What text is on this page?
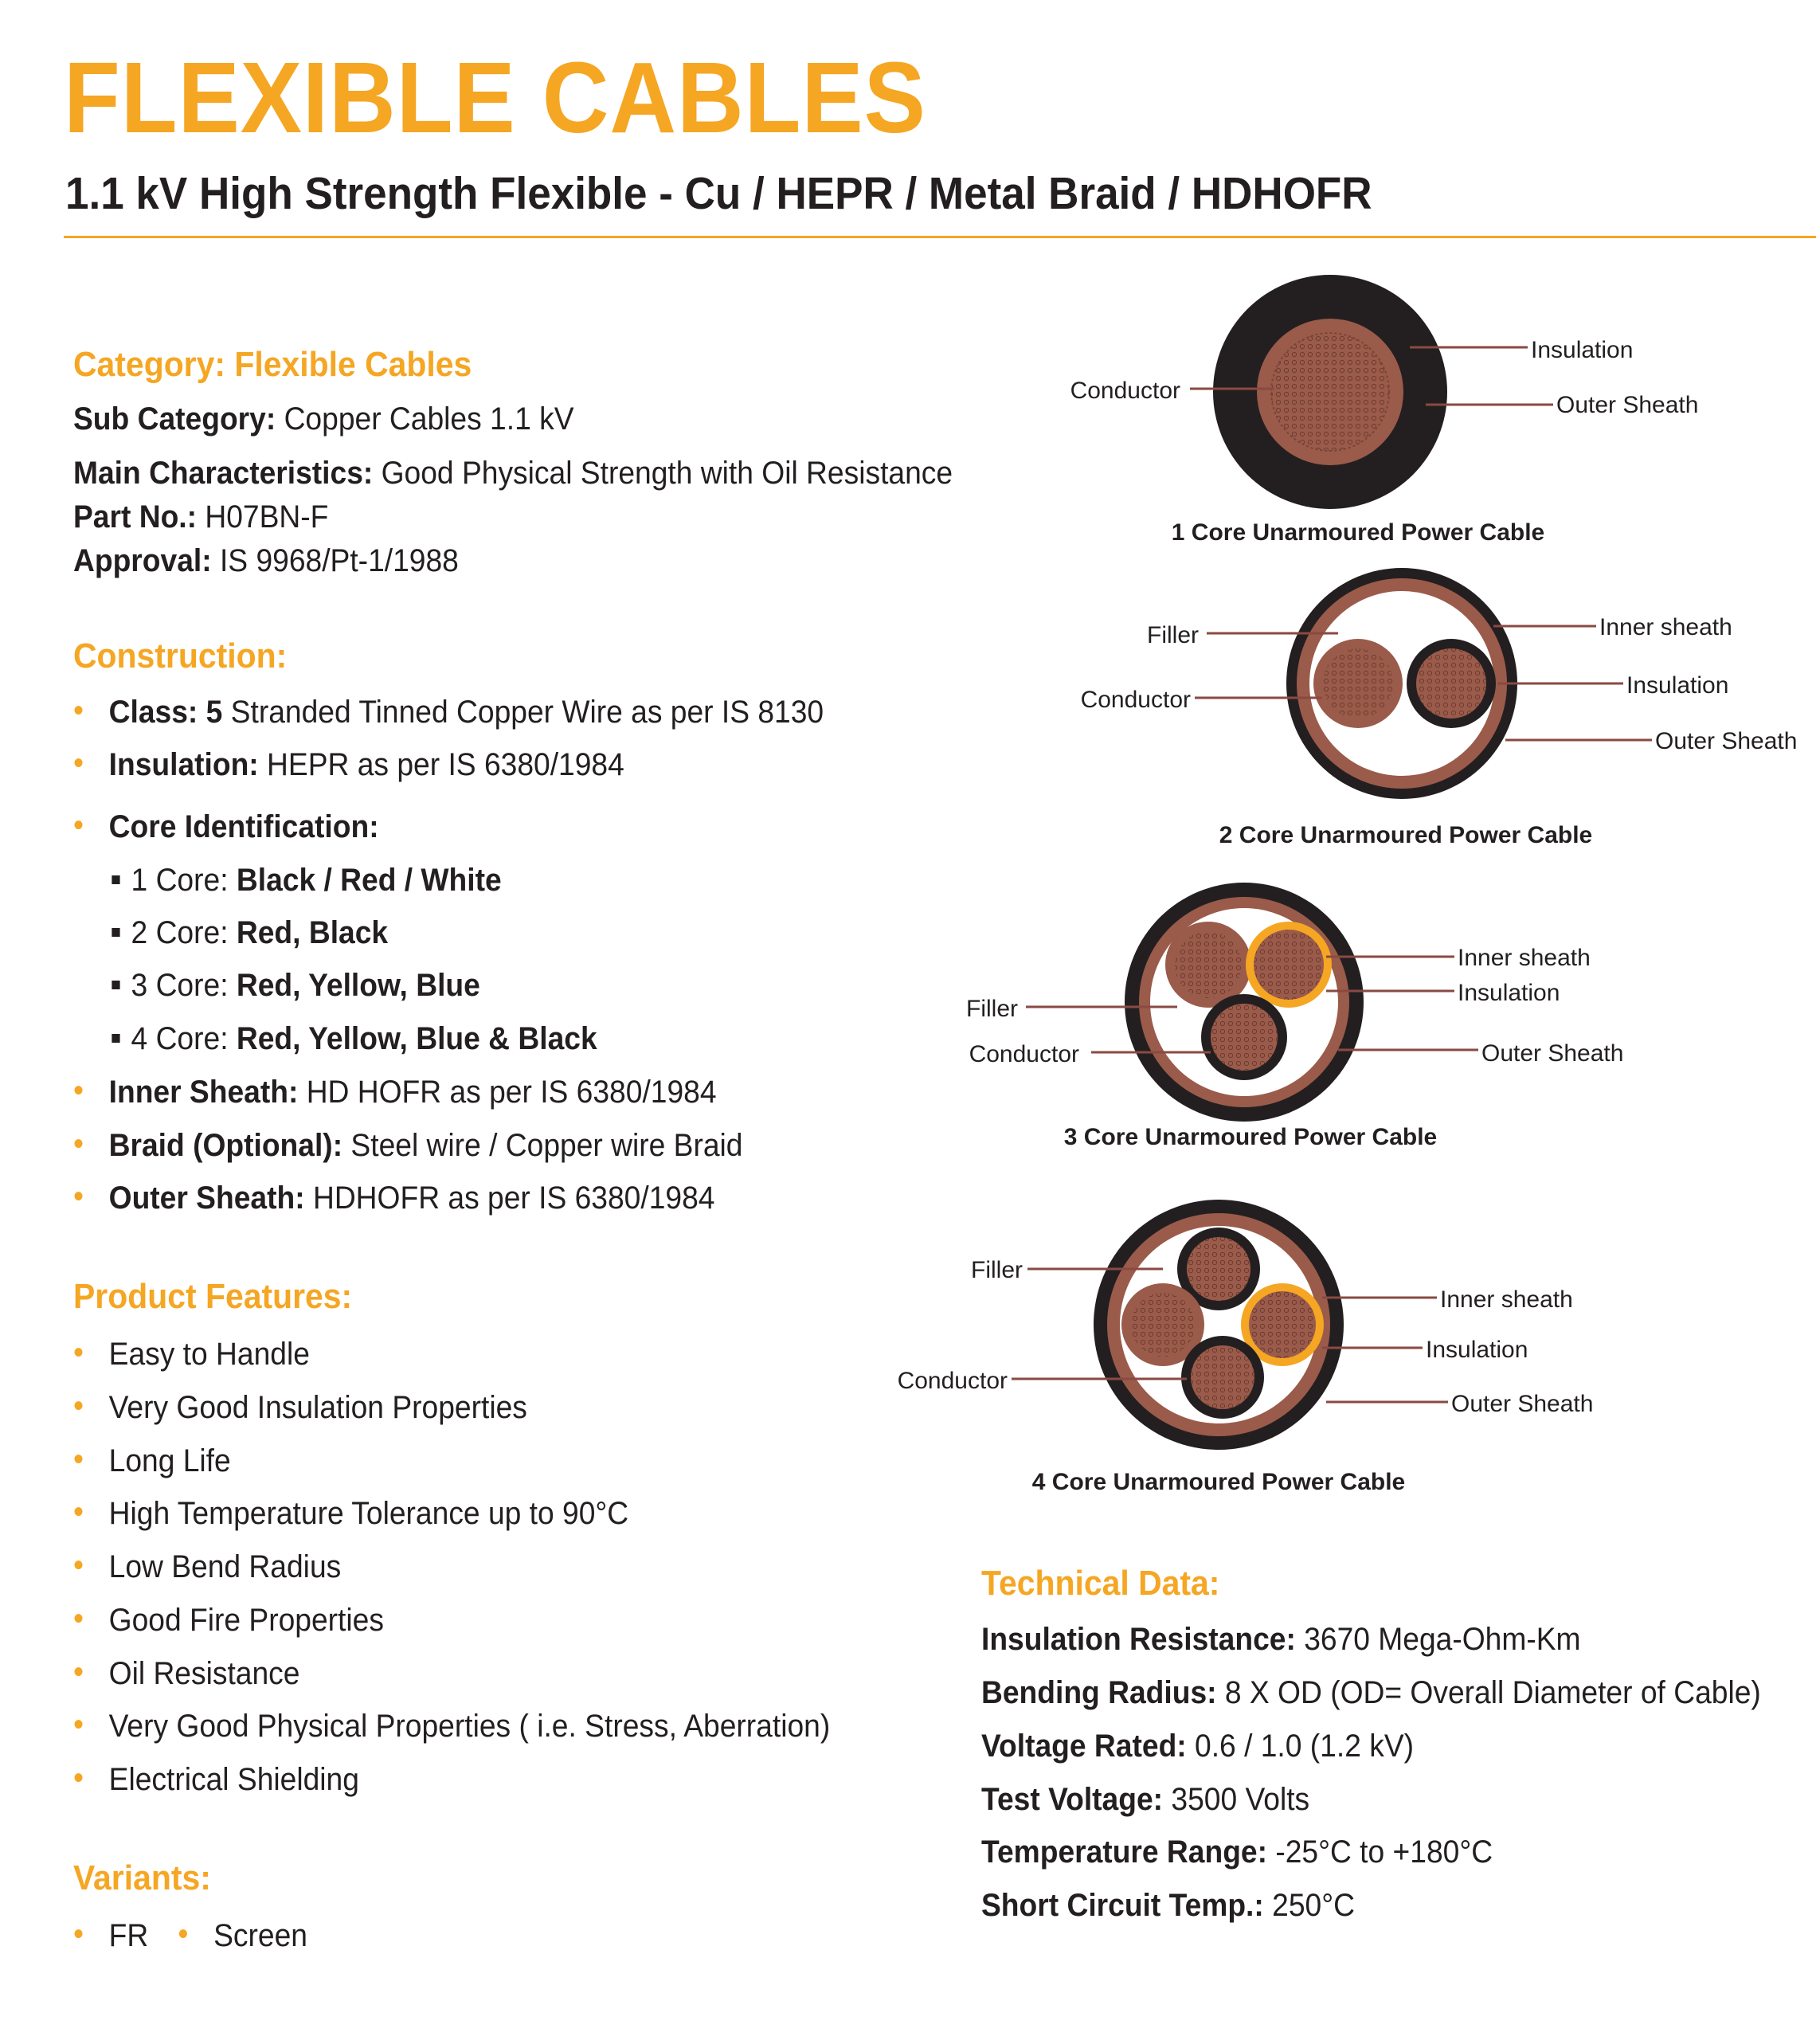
FLEXIBLE CABLES
1.1 kV High Strength Flexible - Cu / HEPR / Metal Braid / HDHOFR

Category: Flexible Cables

Sub Category: Copper Cables 1.1 kV

Main Characteristics: Good Physical Strength with Oil Resistance

Part No.: H07BN-F

Approval: IS 9968/Pt-1/1988

Construction:

• Class: 5 Stranded Tinned Copper Wire as per IS 8130

• Insulation: HEPR as per IS 6380/1984

• Core Identification:

1 Core: Black / Red / White

2 Core: Red, Black

3 Core: Red, Yellow, Blue

4 Core: Red, Yellow, Blue & Black

• Inner Sheath: HD HOFR as per IS 6380/1984

• Braid (Optional): Steel wire / Copper wire Braid

• Outer Sheath: HDHOFR as per IS 6380/1984

Product Features:

• Easy to Handle

• Very Good Insulation Properties

• Long Life

• High Temperature Tolerance up to 90°C

• Low Bend Radius

• Good Fire Properties

• Oil Resistance

• Very Good Physical Properties ( i.e. Stress, Aberration)

• Electrical Shielding

Variants:

• FR• Screen

Technical Data:

Insulation Resistance: 3670 Mega-Ohm-Km

Bending Radius: 8 X OD (OD= Overall Diameter of Cable)

Voltage Rated: 0.6 / 1.0 (1.2 kV)

Test Voltage: 3500 Volts

Temperature Range: -25°C to +180°C

Short Circuit Temp.: 250°C

Conductor
Insulation
Outer Sheath
1 Core Unarmoured Power Cable
Filler
Conductor
Inner sheath
Insulation
Outer Sheath
2 Core Unarmoured Power Cable
Filler
Conductor
Inner sheath
Insulation
Outer Sheath
3 Core Unarmoured Power Cable
Filler
Conductor
Inner sheath
Insulation
Outer Sheath
4 Core Unarmoured Power Cable
